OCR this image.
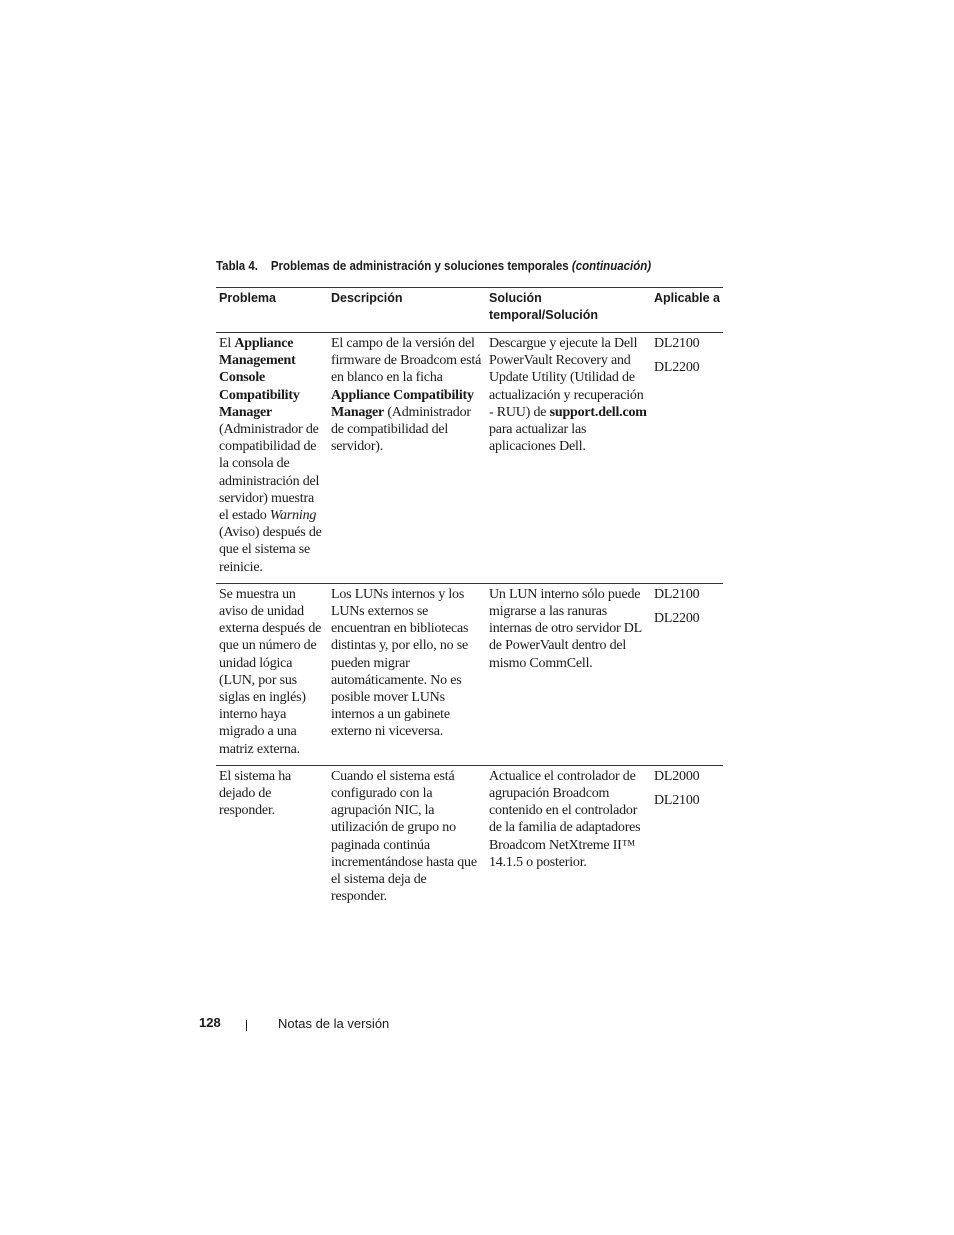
Tabla 4. Problemas de administración y soluciones temporales (continuación)
Problema	Descripción	Solución temporal/Solución	Aplicable a
El Appliance Management Console Compatibility Manager (Administrador de compatibilidad de la consola de administración del servidor) muestra el estado Warning (Aviso) después de que el sistema se reinicie.	El campo de la versión del firmware de Broadcom está en blanco en la ficha Appliance Compatibility Manager (Administrador de compatibilidad del servidor).	Descargue y ejecute la Dell PowerVault Recovery and Update Utility (Utilidad de actualización y recuperación - RUU) de support.dell.com para actualizar las aplicaciones Dell.	DL2100
DL2200

Se muestra un aviso de unidad externa después de que un número de unidad lógica (LUN, por sus siglas en inglés) interno haya migrado a una matriz externa.	Los LUNs internos y los LUNs externos se encuentran en bibliotecas distintas y, por ello, no se pueden migrar automáticamente. No es posible mover LUNs internos a un gabinete externo ni viceversa.	Un LUN interno sólo puede migrarse a las ranuras internas de otro servidor DL de PowerVault dentro del mismo CommCell.	DL2100
DL2200

El sistema ha dejado de responder.	Cuando el sistema está configurado con la agrupación NIC, la utilización de grupo no paginada continúa incrementándose hasta que el sistema deja de responder.	Actualice el controlador de agrupación Broadcom contenido en el controlador de la familia de adaptadores Broadcom NetXtreme II™ 14.1.5 o posterior.	DL2000
DL2100
128	Notas de la versión
